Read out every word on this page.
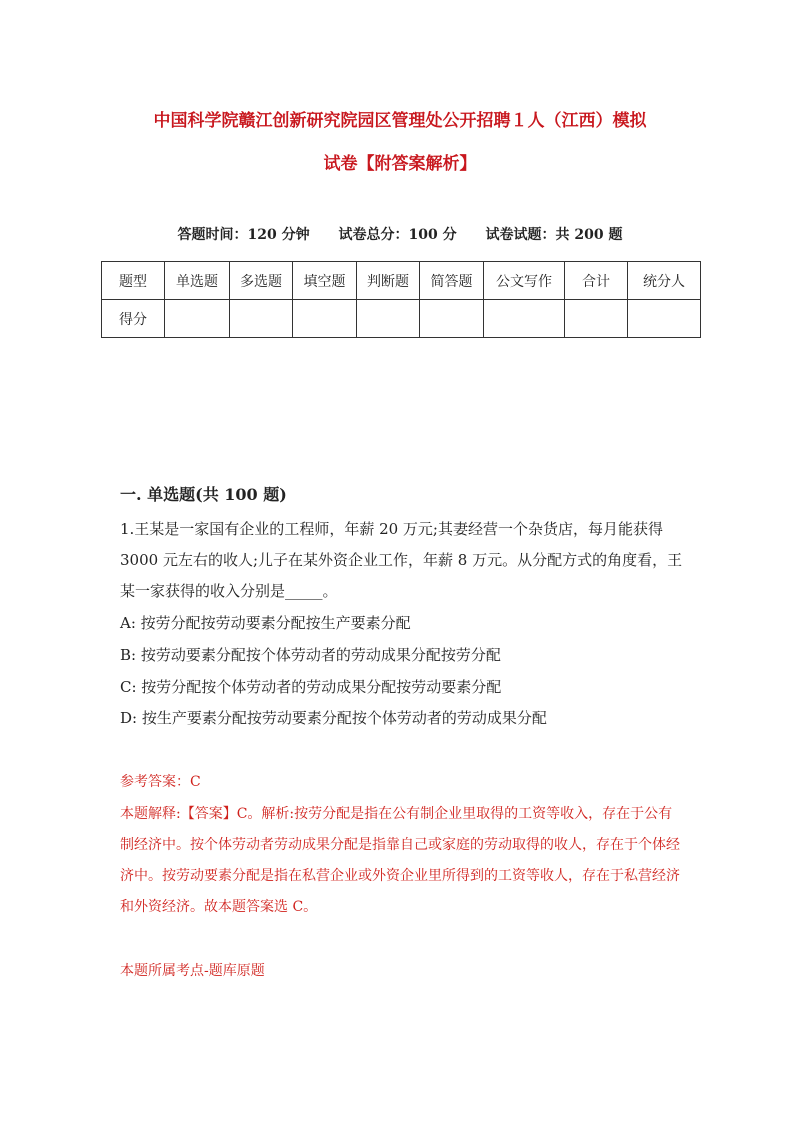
中国科学院赣江创新研究院园区管理处公开招聘１人（江西）模拟
试卷【附答案解析】
答题时间：120 分钟 试卷总分：100 分 试卷试题：共 200 题
题型	单选题	多选题	填空题	判断题	简答题	公文写作	合计	统分人
得分								
一. 单选题(共 100 题)
1.王某是一家国有企业的工程师，年薪 20 万元;其妻经营一个杂货店，每月能获得 3000 元左右的收人;儿子在某外资企业工作，年薪 8 万元。从分配方式的角度看，王某一家获得的收入分别是_____。
A: 按劳分配按劳动要素分配按生产要素分配
B: 按劳动要素分配按个体劳动者的劳动成果分配按劳分配
C: 按劳分配按个体劳动者的劳动成果分配按劳动要素分配
D: 按生产要素分配按劳动要素分配按个体劳动者的劳动成果分配
参考答案：C
本题解释:【答案】C。解析:按劳分配是指在公有制企业里取得的工资等收入，存在于公有制经济中。按个体劳动者劳动成果分配是指靠自己或家庭的劳动取得的收人，存在于个体经济中。按劳动要素分配是指在私营企业或外资企业里所得到的工资等收人，存在于私营经济和外资经济。故本题答案选 C。
本题所属考点-题库原题
